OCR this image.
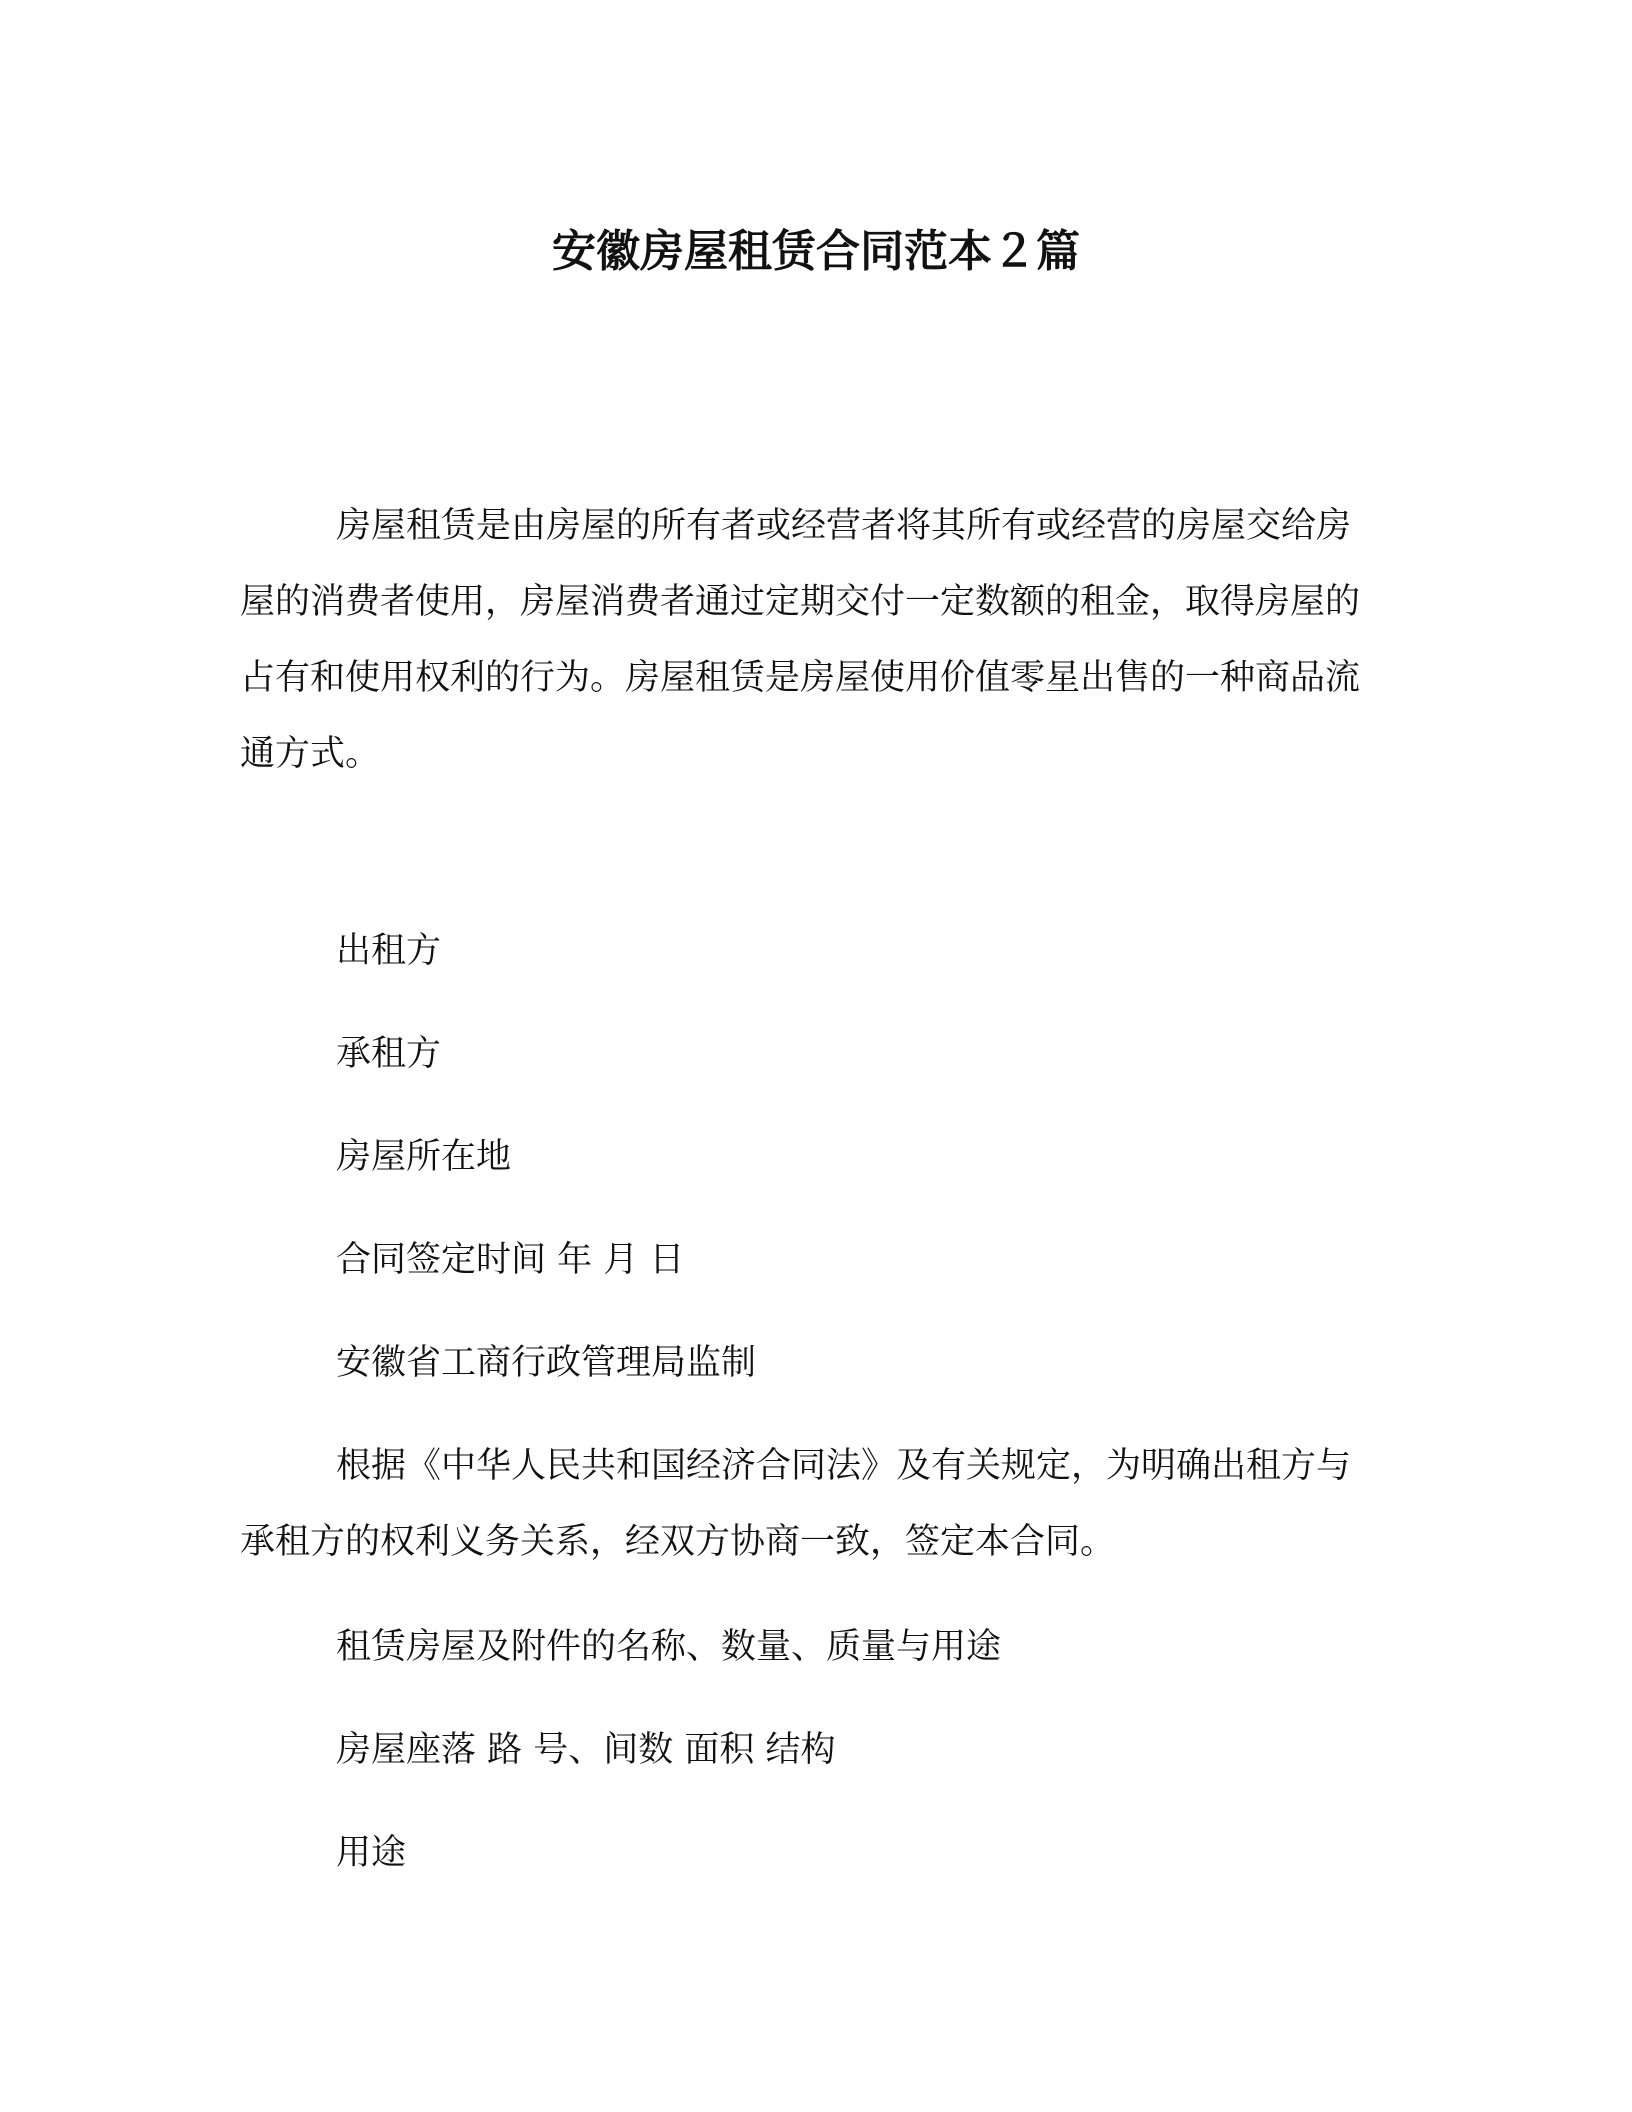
安徽房屋租赁合同范本２篇

房屋租赁是由房屋的所有者或经营者将其所有或经营的房屋交给房屋的消费者使用，房屋消费者通过定期交付一定数额的租金，取得房屋的占有和使用权利的行为。房屋租赁是房屋使用价值零星出售的一种商品流通方式。

出租方

承租方

房屋所在地

合同签定时间 年 月 日

安徽省工商行政管理局监制

根据《中华人民共和国经济合同法》及有关规定，为明确出租方与承租方的权利义务关系，经双方协商一致，签定本合同。

租赁房屋及附件的名称、数量、质量与用途

房屋座落 路 号、间数 面积 结构

用途
